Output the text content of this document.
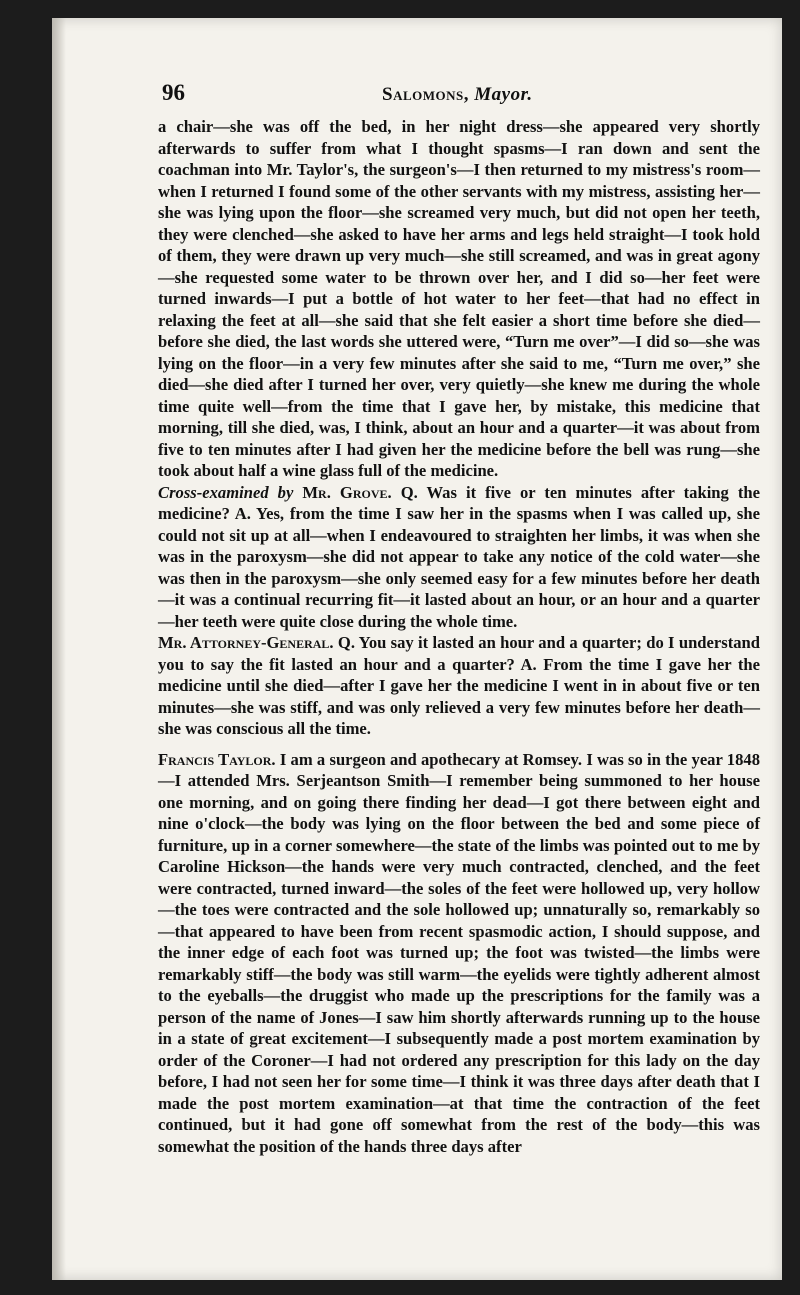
96	Salomons, Mayor.

a chair—she was off the bed, in her night dress—she appeared very shortly afterwards to suffer from what I thought spasms—I ran down and sent the coachman into Mr. Taylor's, the surgeon's—I then returned to my mistress's room—when I returned I found some of the other servants with my mistress, assisting her—she was lying upon the floor—she screamed very much, but did not open her teeth, they were clenched—she asked to have her arms and legs held straight—I took hold of them, they were drawn up very much—she still screamed, and was in great agony—she requested some water to be thrown over her, and I did so—her feet were turned inwards—I put a bottle of hot water to her feet—that had no effect in relaxing the feet at all—she said that she felt easier a short time before she died—before she died, the last words she uttered were, “Turn me over”—I did so—she was lying on the floor—in a very few minutes after she said to me, “Turn me over,” she died—she died after I turned her over, very quietly—she knew me during the whole time quite well—from the time that I gave her, by mistake, this medicine that morning, till she died, was, I think, about an hour and a quarter—it was about from five to ten minutes after I had given her the medicine before the bell was rung—she took about half a wine glass full of the medicine.

Cross-examined by Mr. Grove. Q. Was it five or ten minutes after taking the medicine? A. Yes, from the time I saw her in the spasms when I was called up, she could not sit up at all—when I endeavoured to straighten her limbs, it was when she was in the paroxysm—she did not appear to take any notice of the cold water—she was then in the paroxysm—she only seemed easy for a few minutes before her death—it was a continual recurring fit—it lasted about an hour, or an hour and a quarter—her teeth were quite close during the whole time.

Mr. Attorney-General. Q. You say it lasted an hour and a quarter; do I understand you to say the fit lasted an hour and a quarter? A. From the time I gave her the medicine until she died—after I gave her the medicine I went in in about five or ten minutes—she was stiff, and was only relieved a very few minutes before her death—she was conscious all the time.

Francis Taylor. I am a surgeon and apothecary at Romsey. I was so in the year 1848—I attended Mrs. Serjeantson Smith—I remember being summoned to her house one morning, and on going there finding her dead—I got there between eight and nine o'clock—the body was lying on the floor between the bed and some piece of furniture, up in a corner somewhere—the state of the limbs was pointed out to me by Caroline Hickson—the hands were very much contracted, clenched, and the feet were contracted, turned inward—the soles of the feet were hollowed up, very hollow—the toes were contracted and the sole hollowed up; unnaturally so, remarkably so—that appeared to have been from recent spasmodic action, I should suppose, and the inner edge of each foot was turned up; the foot was twisted—the limbs were remarkably stiff—the body was still warm—the eyelids were tightly adherent almost to the eyeballs—the druggist who made up the prescriptions for the family was a person of the name of Jones—I saw him shortly afterwards running up to the house in a state of great excitement—I subsequently made a post mortem examination by order of the Coroner—I had not ordered any prescription for this lady on the day before, I had not seen her for some time—I think it was three days after death that I made the post mortem examination—at that time the contraction of the feet continued, but it had gone off somewhat from the rest of the body—this was somewhat the position of the hands three days after
